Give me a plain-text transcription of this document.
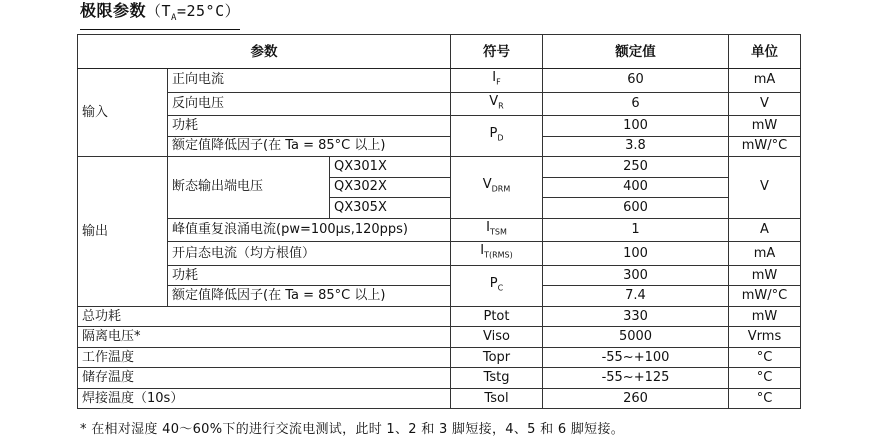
极限参数$(T_A=25^\circ C)$
参数			符号	额定值	单位
输入	正向电流		$I_F$	60	mA
	反向电压		$V_R$	6	V
	功耗		$P_D$	100	mW
	额定值降低因子(在 Ta = 85°C 以上)			3.8	mW/°C
输出	断态输出端电压	QX301X	$V_{DRM}$	250	V
		QX302X		400	
		QX305X		600	
	峰值重复浪涌电流(pw=100μs,120pps)		$I_{TSM}$	1	A
	开启态电流（均方根值）		$I_{T(RMS)}$	100	mA
	功耗		$P_C$	300	mW
	额定值降低因子(在 Ta = 85°C 以上)			7.4	mW/°C
总功耗			Ptot	330	mW
隔离电压*			Viso	5000	Vrms
工作温度			Topr	-55~+100	°C
储存温度			Tstg	-55~+125	°C
焊接温度（10s）			Tsol	260	°C
* 在相对湿度 40～60%下的进行交流电测试，此时 1、2 和 3 脚短接，4、5 和 6 脚短接。
